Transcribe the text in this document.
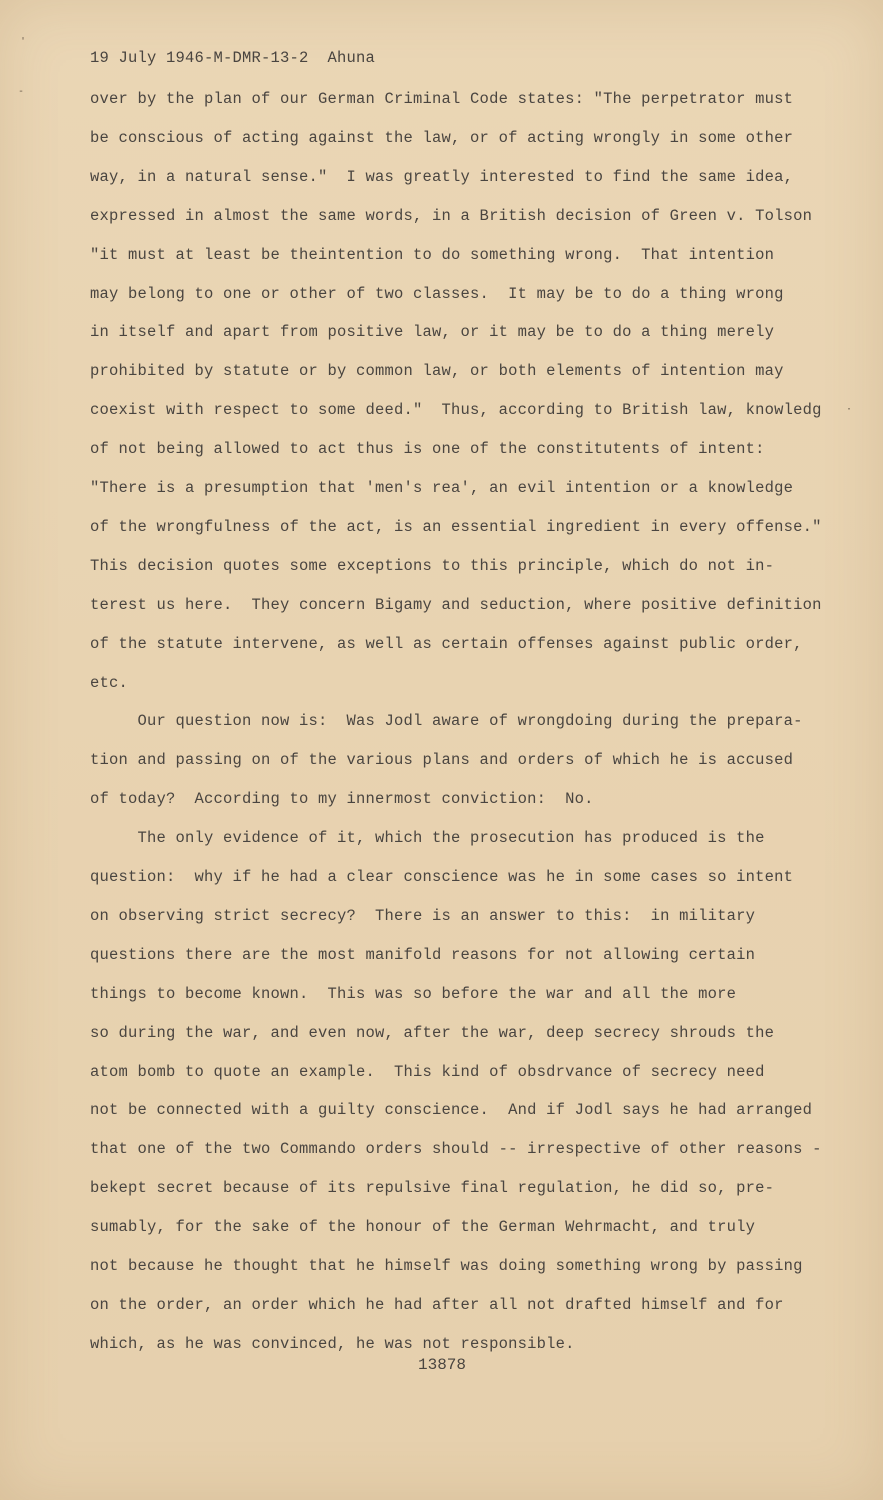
'
-
·
19 July 1946-M-DMR-13-2  Ahuna
over by the plan of our German Criminal Code states: "The perpetrator must
be conscious of acting against the law, or of acting wrongly in some other
way, in a natural sense."  I was greatly interested to find the same idea,
expressed in almost the same words, in a British decision of Green v. Tolson
"it must at least be theintention to do something wrong.  That intention
may belong to one or other of two classes.  It may be to do a thing wrong
in itself and apart from positive law, or it may be to do a thing merely
prohibited by statute or by common law, or both elements of intention may
coexist with respect to some deed."  Thus, according to British law, knowledg
of not being allowed to act thus is one of the constitutents of intent:
"There is a presumption that 'men's rea', an evil intention or a knowledge
of the wrongfulness of the act, is an essential ingredient in every offense."
This decision quotes some exceptions to this principle, which do not in-
terest us here.  They concern Bigamy and seduction, where positive definition
of the statute intervene, as well as certain offenses against public order,
etc.
Our question now is:  Was Jodl aware of wrongdoing during the prepara-
tion and passing on of the various plans and orders of which he is accused
of today?  According to my innermost conviction:  No.
The only evidence of it, which the prosecution has produced is the
question:  why if he had a clear conscience was he in some cases so intent
on observing strict secrecy?  There is an answer to this:  in military
questions there are the most manifold reasons for not allowing certain
things to become known.  This was so before the war and all the more
so during the war, and even now, after the war, deep secrecy shrouds the
atom bomb to quote an example.  This kind of obsdrvance of secrecy need
not be connected with a guilty conscience.  And if Jodl says he had arranged
that one of the two Commando orders should -- irrespective of other reasons -
bekept secret because of its repulsive final regulation, he did so, pre-
sumably, for the sake of the honour of the German Wehrmacht, and truly
not because he thought that he himself was doing something wrong by passing
on the order, an order which he had after all not drafted himself and for
which, as he was convinced, he was not responsible.
13878
